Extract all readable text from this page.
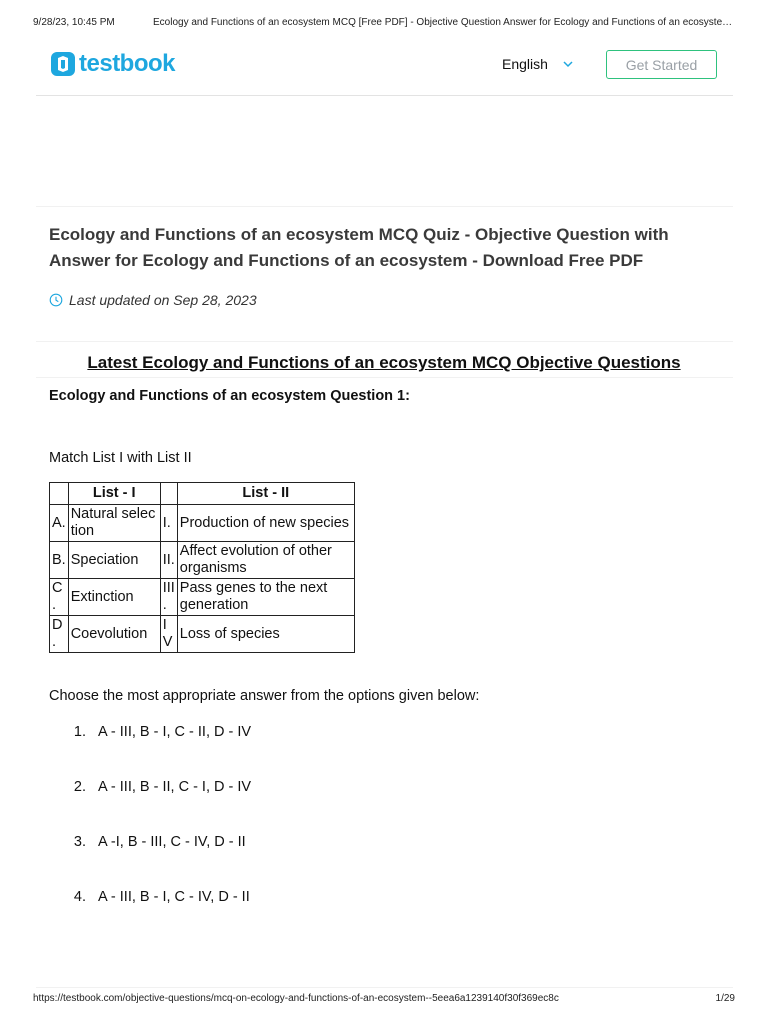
9/28/23, 10:45 PM	Ecology and Functions of an ecosystem MCQ [Free PDF] - Objective Question Answer for Ecology and Functions of an ecosyste…
testbook	English	Get Started
Ecology and Functions of an ecosystem MCQ Quiz - Objective Question with Answer for Ecology and Functions of an ecosystem - Download Free PDF
Last updated on Sep 28, 2023
Latest Ecology and Functions of an ecosystem MCQ Objective Questions
Ecology and Functions of an ecosystem Question 1:
Match List I with List II
	List - I		List - II
A.	Natural selec tion	I.	Production of new species
B.	Speciation	II.	Affect evolution of other organisms
C .	Extinction	III .	Pass genes to the next generation
D .	Coevolution	I V	Loss of species
Choose the most appropriate answer from the options given below:
1. A - III, B - I, C - II, D - IV
2. A - III, B - II, C - I, D - IV
3. A -I, B - III, C - IV, D - II
4. A - III, B - I, C - IV, D - II
https://testbook.com/objective-questions/mcq-on-ecology-and-functions-of-an-ecosystem--5eea6a1239140f30f369ec8c	1/29
